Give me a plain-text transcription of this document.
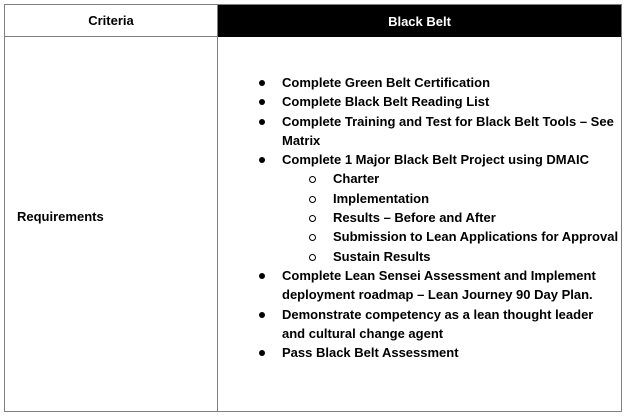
Criteria	Black Belt
Requirements
Complete Green Belt Certification
Complete Black Belt Reading List
Complete Training and Test for Black Belt Tools – See Matrix
Complete 1 Major Black Belt Project using DMAIC
Charter
Implementation
Results – Before and After
Submission to Lean Applications for Approval
Sustain Results
Complete Lean Sensei Assessment and Implement deployment roadmap – Lean Journey 90 Day Plan.
Demonstrate competency as a lean thought leader and cultural change agent
Pass Black Belt Assessment
